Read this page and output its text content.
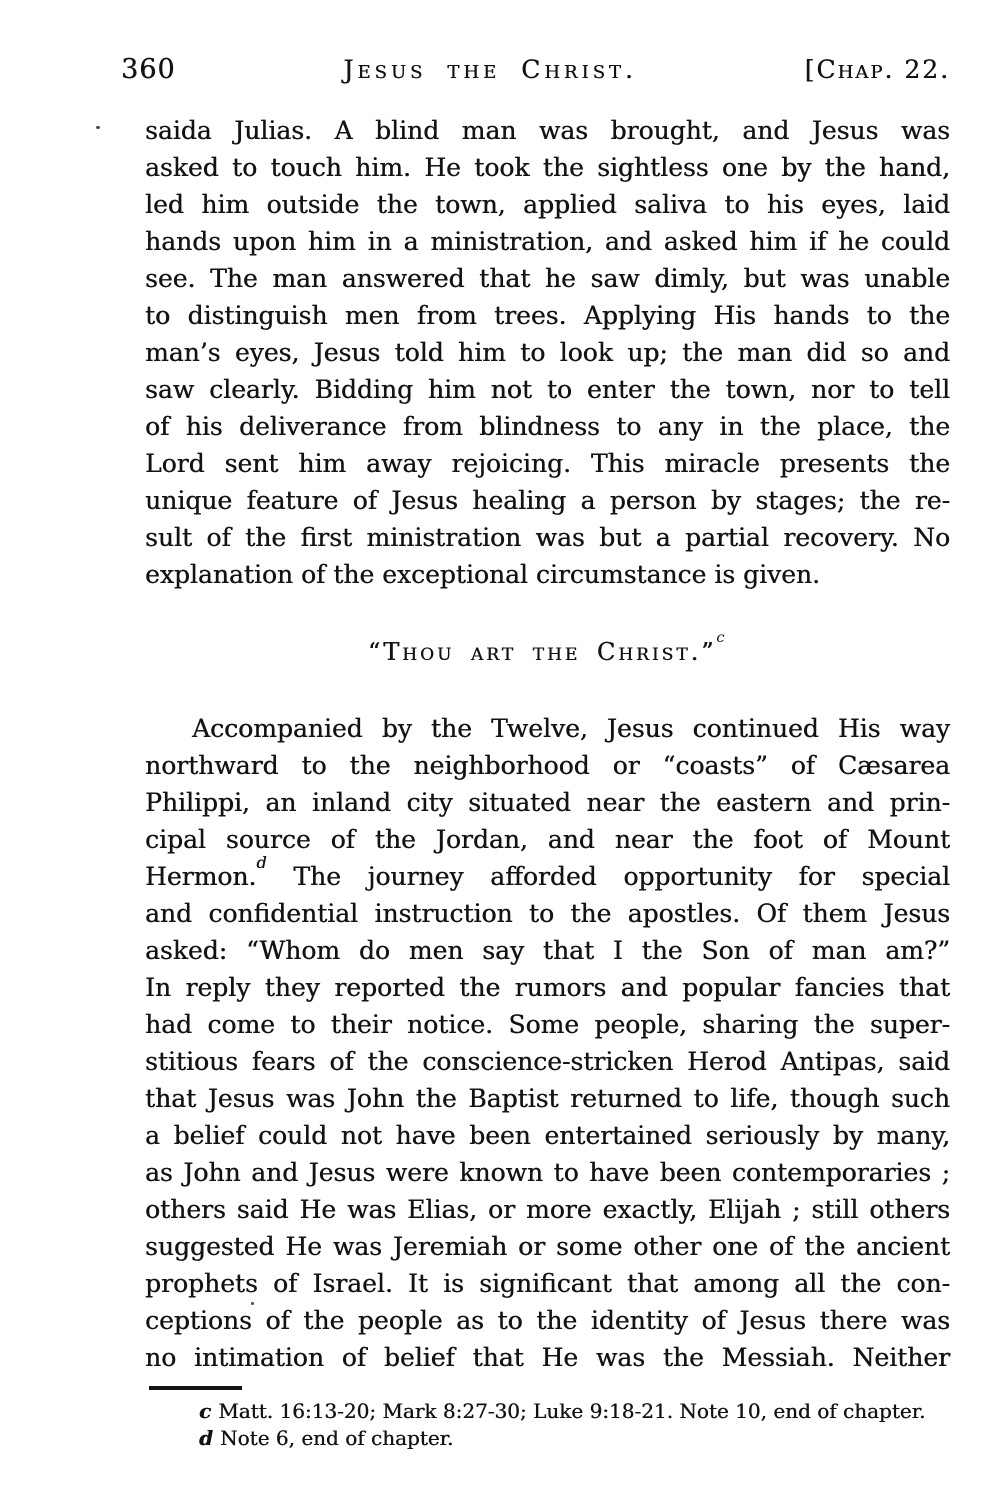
360	Jesus the Christ.	[Chap. 22.
saida Julias. A blind man was brought, and Jesus was
asked to touch him. He took the sightless one by the hand,
led him outside the town, applied saliva to his eyes, laid
hands upon him in a ministration, and asked him if he could
see. The man answered that he saw dimly, but was unable
to distinguish men from trees. Applying His hands to the
man’s eyes, Jesus told him to look up; the man did so and
saw clearly. Bidding him not to enter the town, nor to tell
of his deliverance from blindness to any in the place, the
Lord sent him away rejoicing. This miracle presents the
unique feature of Jesus healing a person by stages; the re-
sult of the first ministration was but a partial recovery. No
explanation of the exceptional circumstance is given.
“Thou art the Christ.”$^c$
Accompanied by the Twelve, Jesus continued His way
northward to the neighborhood or “coasts” of Cæsarea
Philippi, an inland city situated near the eastern and prin-
cipal source of the Jordan, and near the foot of Mount
Hermon.$^d$ The journey afforded opportunity for special
and confidential instruction to the apostles. Of them Jesus
asked: “Whom do men say that I the Son of man am?”
In reply they reported the rumors and popular fancies that
had come to their notice. Some people, sharing the super-
stitious fears of the conscience-stricken Herod Antipas, said
that Jesus was John the Baptist returned to life, though such
a belief could not have been entertained seriously by many,
as John and Jesus were known to have been contemporaries ;
others said He was Elias, or more exactly, Elijah ; still others
suggested He was Jeremiah or some other one of the ancient
prophets of Israel. It is significant that among all the con-
ceptions of the people as to the identity of Jesus there was
no intimation of belief that He was the Messiah. Neither
c Matt. 16:13-20; Mark 8:27-30; Luke 9:18-21. Note 10, end of chapter.
d Note 6, end of chapter.
